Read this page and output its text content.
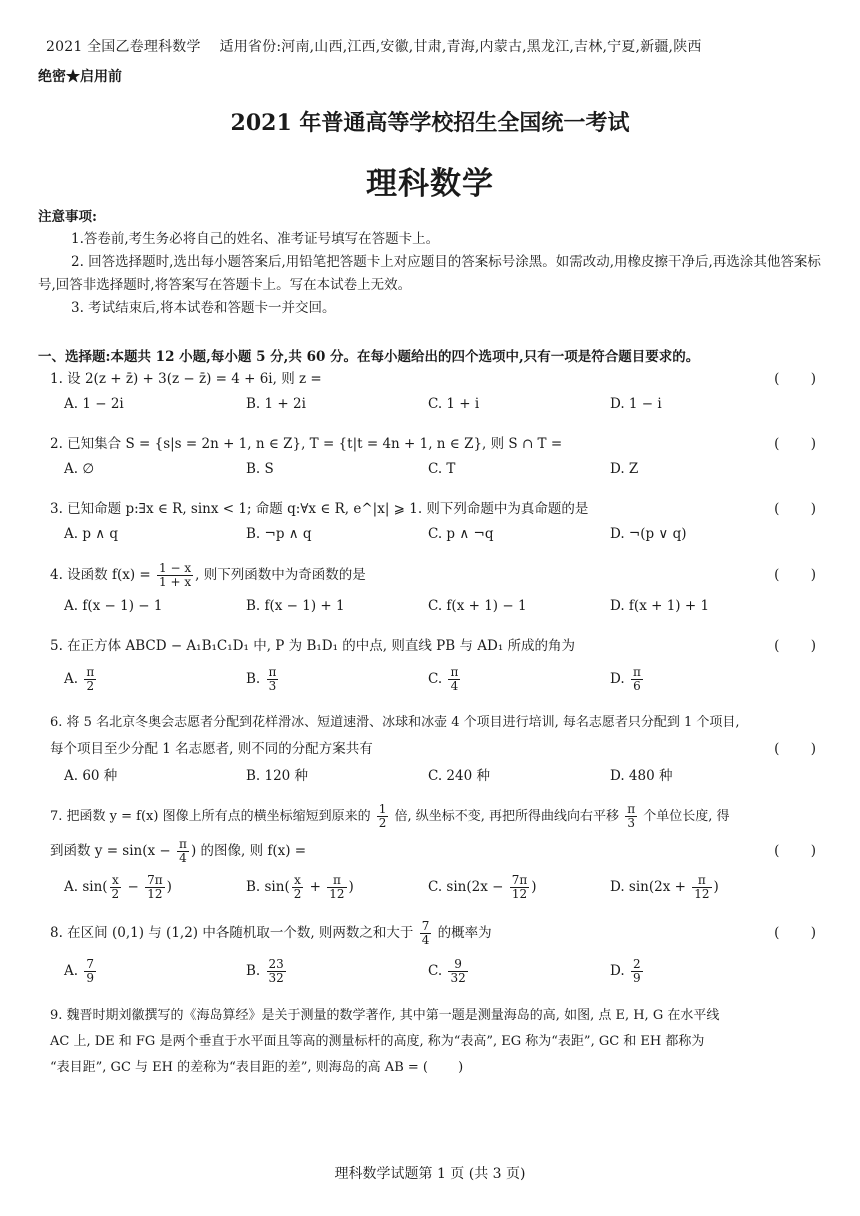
2021 全国乙卷理科数学　 适用省份:河南,山西,江西,安徽,甘肃,青海,内蒙古,黑龙江,吉林,宁夏,新疆,陕西
绝密★启用前
2021 年普通高等学校招生全国统一考试
理科数学
注意事项:

1.答卷前,考生务必将自己的姓名、准考证号填写在答题卡上。

2. 回答选择题时,选出每小题答案后,用铅笔把答题卡上对应题目的答案标号涂黑。如需改动,用橡皮擦干净后,再选涂其他答案标号,回答非选择题时,将答案写在答题卡上。写在本试卷上无效。

3. 考试结束后,将本试卷和答题卡一并交回。

一、选择题:本题共 12 小题,每小题 5 分,共 60 分。在每小题给出的四个选项中,只有一项是符合题目要求的。
1. 设 2(z + z̄) + 3(z − z̄) = 4 + 6i, 则 z =	(　　 )
A. 1 − 2i	B. 1 + 2i	C. 1 + i	D. 1 − i
2. 已知集合 S = {s|s = 2n + 1, n ∈ Z}, T = {t|t = 4n + 1, n ∈ Z}, 则 S ∩ T =	(　　 )
A. ∅	B. S	C. T	D. Z
3. 已知命题 p:∃x ∈ R, sinx < 1; 命题 q:∀x ∈ R, e^|x| ⩾ 1. 则下列命题中为真命题的是	(　　 )
A. p ∧ q	B. ¬p ∧ q	C. p ∧ ¬q	D. ¬(p ∨ q)
4. 设函数 $f(x) = \frac{1 - x}{1 + x}$ , 则下列函数中为奇函数的是	(　　 )
A. f(x − 1) − 1	B. f(x − 1) + 1	C. f(x + 1) − 1	D. f(x + 1) + 1
5. 在正方体 ABCD − A₁B₁C₁D₁ 中, P 为 B₁D₁ 的中点, 则直线 PB 与 AD₁ 所成的角为	(　　 )
A. $\frac{\pi}{2}$	B. $\frac{\pi}{3}$	C. $\frac{\pi}{4}$	D. $\frac{\pi}{6}$
6. 将 5 名北京冬奥会志愿者分配到花样滑冰、短道速滑、冰球和冰壶 4 个项目进行培训, 每名志愿者只分配到 1 个项目,
每个项目至少分配 1 名志愿者, 则不同的分配方案共有	(　　 )
A. 60 种	B. 120 种	C. 240 种	D. 480 种
7. 把函数 y = f(x) 图像上所有点的横坐标缩短到原来的 $\frac{1}{2}$ 倍, 纵坐标不变, 再把所得曲线向右平移 $\frac{\pi}{3}$ 个单位长度, 得
到函数 $y = \sin(x - \frac{\pi}{4}$ ) 的图像, 则 f(x) =	(　　 )
A. $\sin( \frac{x}{2} - \frac{7\pi}{12}$ )	B. $\sin( \frac{x}{2} + \frac{\pi}{12}$ )	C. $\sin(2x - \frac{7\pi}{12}$ )	D. $\sin(2x + \frac{\pi}{12}$ )
8. 在区间 (0,1) 与 (1,2) 中各随机取一个数, 则两数之和大于 $\frac{7}{4}$ 的概率为	(　　 )
A. $\frac{7}{9}$	B. $\frac{23}{32}$	C. $\frac{9}{32}$	D. $\frac{2}{9}$
9. 魏晋时期刘徽撰写的《海岛算经》是关于测量的数学著作, 其中第一题是测量海岛的高, 如图, 点 E, H, G 在水平线
AC 上, DE 和 FG 是两个垂直于水平面且等高的测量标杆的高度, 称为“表高”, EG 称为“表距”, GC 和 EH 都称为
“表目距”, GC 与 EH 的差称为“表目距的差”, 则海岛的高 AB = (　　 )
理科数学试题第 1 页 (共 3 页)
